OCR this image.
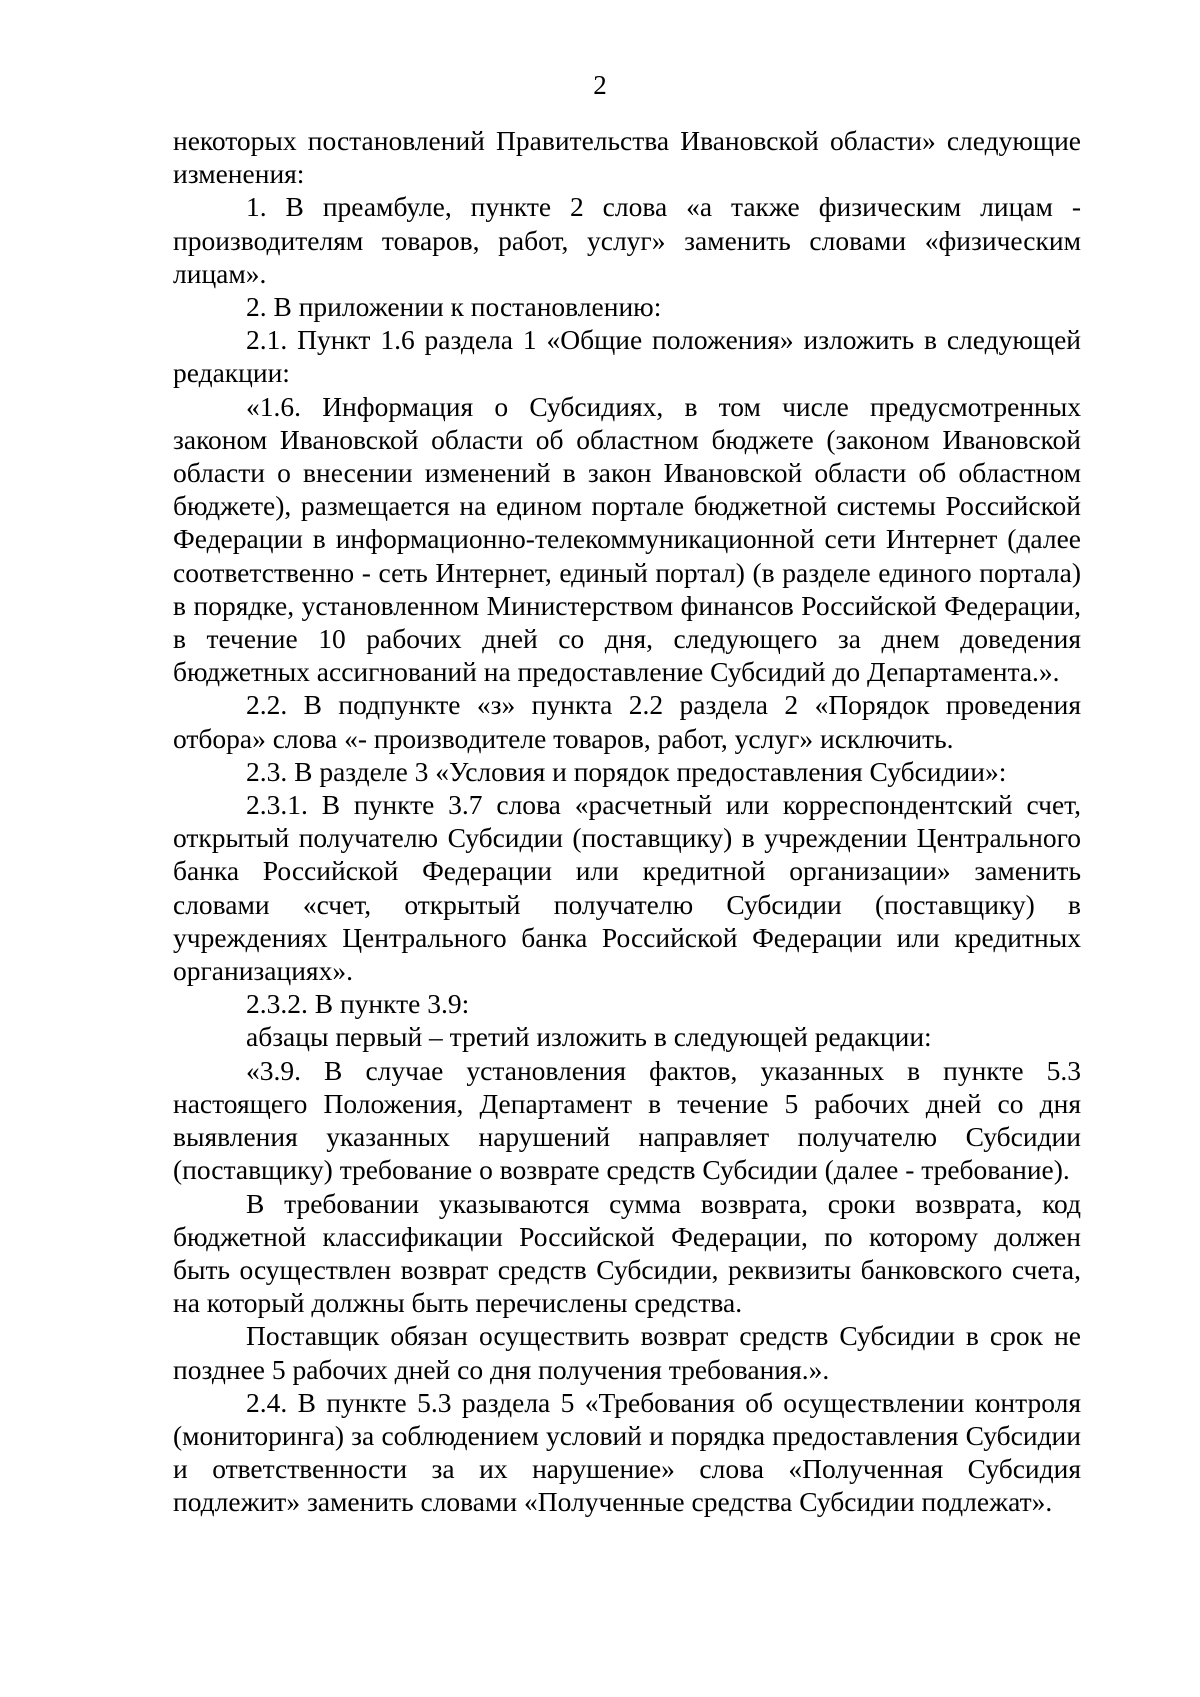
2

некоторых постановлений Правительства Ивановской области» следующие изменения:

1. В преамбуле, пункте 2 слова «а также физическим лицам - производителям товаров, работ, услуг» заменить словами «физическим лицам».

2. В приложении к постановлению:

2.1. Пункт 1.6 раздела 1 «Общие положения» изложить в следующей редакции:

«1.6. Информация о Субсидиях, в том числе предусмотренных законом Ивановской области об областном бюджете (законом Ивановской области о внесении изменений в закон Ивановской области об областном бюджете), размещается на едином портале бюджетной системы Российской Федерации в информационно-телекоммуникационной сети Интернет (далее соответственно - сеть Интернет, единый портал) (в разделе единого портала) в порядке, установленном Министерством финансов Российской Федерации, в течение 10 рабочих дней со дня, следующего за днем доведения бюджетных ассигнований на предоставление Субсидий до Департамента.».

2.2. В подпункте «з» пункта 2.2 раздела 2 «Порядок проведения отбора» слова «- производителе товаров, работ, услуг» исключить.

2.3. В разделе 3 «Условия и порядок предоставления Субсидии»:

2.3.1. В пункте 3.7 слова «расчетный или корреспондентский счет, открытый получателю Субсидии (поставщику) в учреждении Центрального банка Российской Федерации или кредитной организации» заменить словами «счет, открытый получателю Субсидии (поставщику) в учреждениях Центрального банка Российской Федерации или кредитных организациях».

2.3.2. В пункте 3.9:

абзацы первый – третий изложить в следующей редакции:

«3.9. В случае установления фактов, указанных в пункте 5.3 настоящего Положения, Департамент в течение 5 рабочих дней со дня выявления указанных нарушений направляет получателю Субсидии (поставщику) требование о возврате средств Субсидии (далее - требование).

В требовании указываются сумма возврата, сроки возврата, код бюджетной классификации Российской Федерации, по которому должен быть осуществлен возврат средств Субсидии, реквизиты банковского счета, на который должны быть перечислены средства.

Поставщик обязан осуществить возврат средств Субсидии в срок не позднее 5 рабочих дней со дня получения требования.».

2.4. В пункте 5.3 раздела 5 «Требования об осуществлении контроля (мониторинга) за соблюдением условий и порядка предоставления Субсидии и ответственности за их нарушение» слова «Полученная Субсидия подлежит» заменить словами «Полученные средства Субсидии подлежат».
